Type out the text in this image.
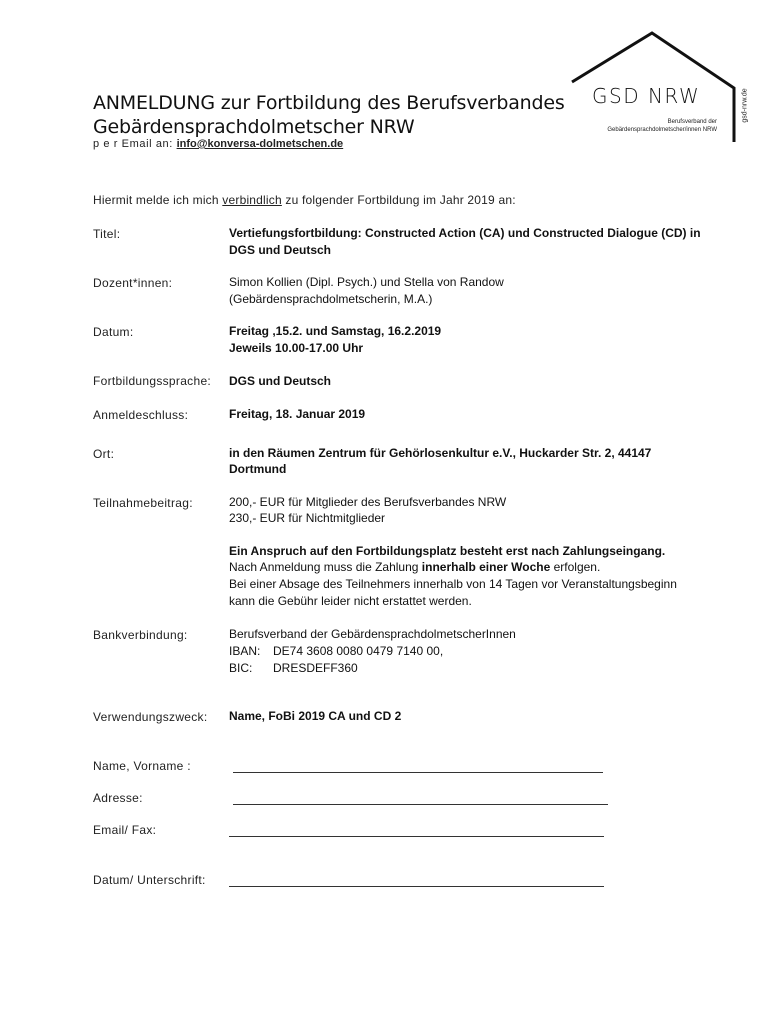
GSD NRW
Berufsverband der
Gebärdensprachdolmetscher/innen NRW
gsd-nrw.de
ANMELDUNG zur Fortbildung des Berufsverbandes
Gebärdensprachdolmetscher NRW
p e r Email an: info@konversa-dolmetschen.de
Hiermit melde ich mich verbindlich zu folgender Fortbildung im Jahr 2019 an:
Titel:	Vertiefungsfortbildung: Constructed Action (CA) und Constructed Dialogue (CD) in DGS und Deutsch
Dozent*innen:	Simon Kollien (Dipl. Psych.) und Stella von Randow
(Gebärdensprachdolmetscherin, M.A.)
Datum:	Freitag ,15.2. und Samstag, 16.2.2019
Jeweils 10.00-17.00 Uhr
Fortbildungssprache: DGS und Deutsch
Anmeldeschluss:	Freitag, 18. Januar 2019
Ort:	in den Räumen Zentrum für Gehörlosenkultur e.V., Huckarder Str. 2, 44147
Dortmund
Teilnahmebeitrag:	200,- EUR für Mitglieder des Berufsverbandes NRW
230,- EUR für Nichtmitglieder
Ein Anspruch auf den Fortbildungsplatz besteht erst nach Zahlungseingang.
Nach Anmeldung muss die Zahlung innerhalb einer Woche erfolgen.
Bei einer Absage des Teilnehmers innerhalb von 14 Tagen vor Veranstaltungsbeginn
kann die Gebühr leider nicht erstattet werden.
Bankverbindung:	Berufsverband der GebärdensprachdolmetscherInnen
IBAN: DE74 3608 0080 0479 7140 00,
BIC: DRESDEFF360
Verwendungszweck: Name, FoBi 2019 CA und CD 2
Name, Vorname :
Adresse:
Email/ Fax:
Datum/ Unterschrift:
